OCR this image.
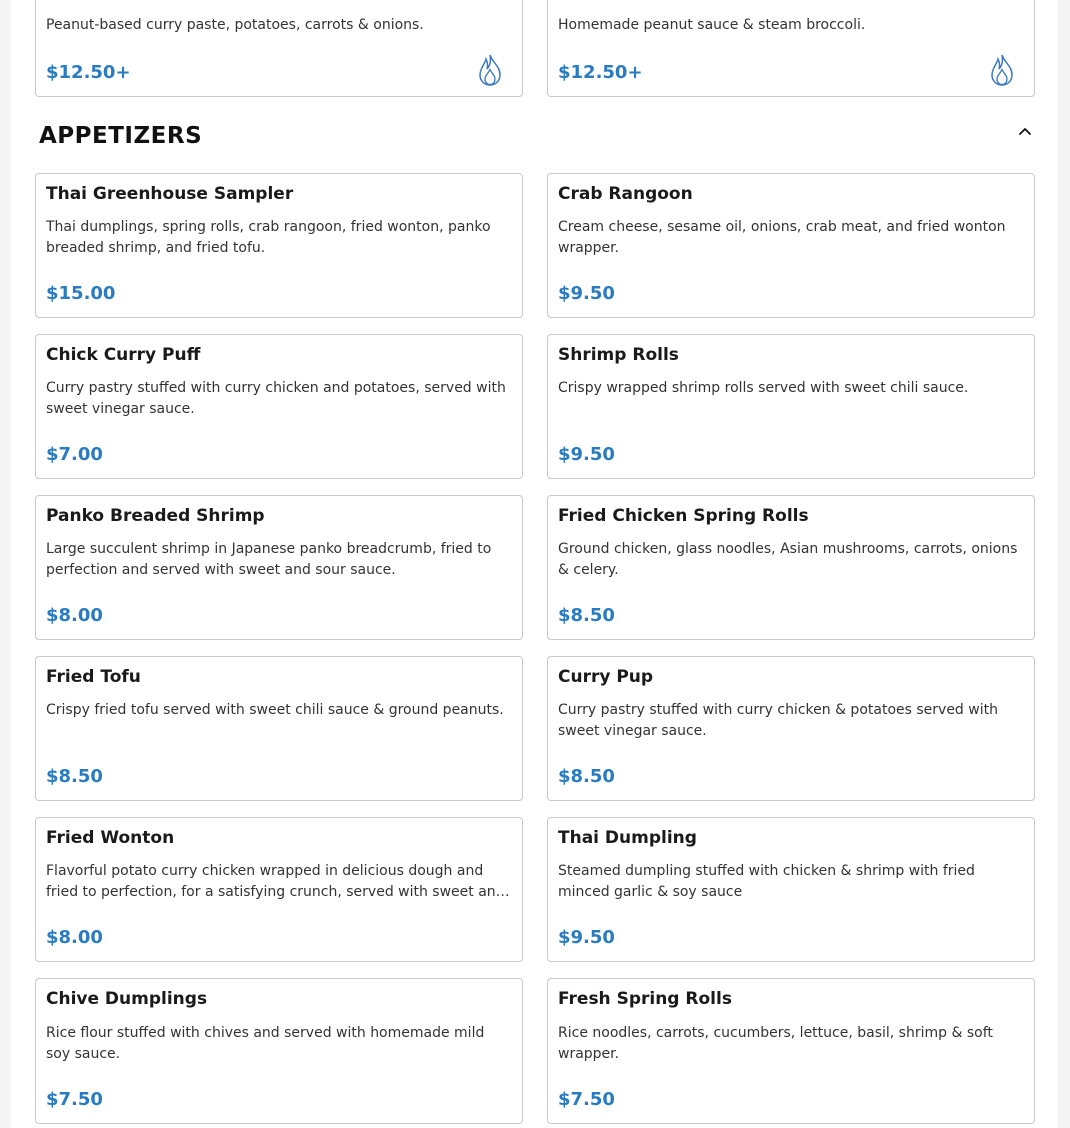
Peanut-based curry paste, potatoes, carrots & onions.
$12.50+
Homemade peanut sauce & steam broccoli.
$12.50+
APPETIZERS
Thai Greenhouse Sampler
Thai dumplings, spring rolls, crab rangoon, fried wonton, panko breaded shrimp, and fried tofu.
$15.00
Crab Rangoon
Cream cheese, sesame oil, onions, crab meat, and fried wonton wrapper.
$9.50
Chick Curry Puff
Curry pastry stuffed with curry chicken and potatoes, served with sweet vinegar sauce.
$7.00
Shrimp Rolls
Crispy wrapped shrimp rolls served with sweet chili sauce.
$9.50
Panko Breaded Shrimp
Large succulent shrimp in Japanese panko breadcrumb, fried to perfection and served with sweet and sour sauce.
$8.00
Fried Chicken Spring Rolls
Ground chicken, glass noodles, Asian mushrooms, carrots, onions & celery.
$8.50
Fried Tofu
Crispy fried tofu served with sweet chili sauce & ground peanuts.
$8.50
Curry Pup
Curry pastry stuffed with curry chicken & potatoes served with sweet vinegar sauce.
$8.50
Fried Wonton
Flavorful potato curry chicken wrapped in delicious dough and fried to perfection, for a satisfying crunch, served with sweet an…
$8.00
Thai Dumpling
Steamed dumpling stuffed with chicken & shrimp with fried minced garlic & soy sauce
$9.50
Chive Dumplings
Rice flour stuffed with chives and served with homemade mild soy sauce.
$7.50
Fresh Spring Rolls
Rice noodles, carrots, cucumbers, lettuce, basil, shrimp & soft wrapper.
$7.50
